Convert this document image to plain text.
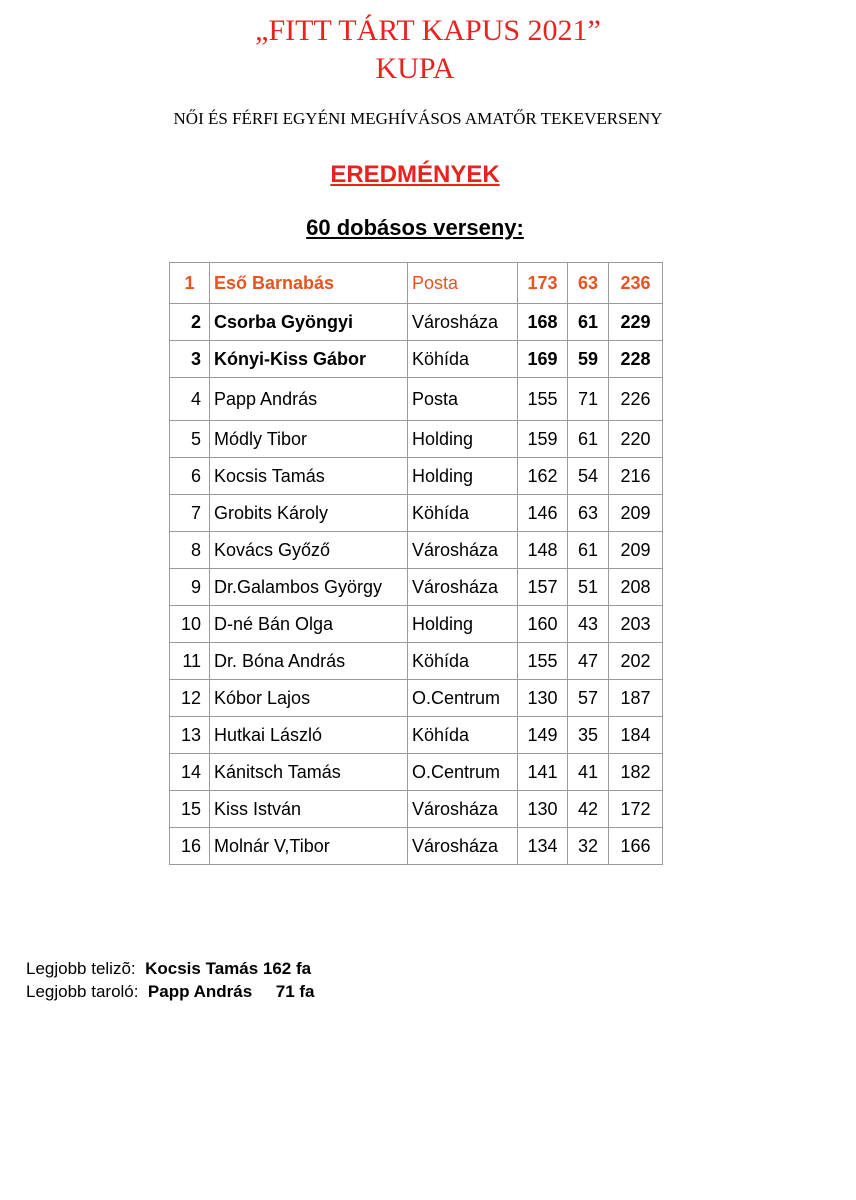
„FITT TÁRT KAPUS 2021”
KUPA
NŐI ÉS FÉRFI EGYÉNI MEGHÍVÁSOS AMATŐR TEKEVERSENY
EREDMÉNYEK
60 dobásos verseny:
1	Eső Barnabás	Posta	173	63	236
2	Csorba Gyöngyi	Városháza	168	61	229
3	Kónyi-Kiss Gábor	Köhída	169	59	228
4	Papp András	Posta	155	71	226
5	Módly Tibor	Holding	159	61	220
6	Kocsis Tamás	Holding	162	54	216
7	Grobits Károly	Köhída	146	63	209
8	Kovács Győző	Városháza	148	61	209
9	Dr.Galambos György	Városháza	157	51	208
10	D-né Bán Olga	Holding	160	43	203
11	Dr. Bóna András	Köhída	155	47	202
12	Kóbor Lajos	O.Centrum	130	57	187
13	Hutkai László	Köhída	149	35	184
14	Kánitsch Tamás	O.Centrum	141	41	182
15	Kiss István	Városháza	130	42	172
16	Molnár V,Tibor	Városháza	134	32	166
Legjobb telizõ:  Kocsis Tamás 162 fa
Legjobb taroló:  Papp András     71 fa
